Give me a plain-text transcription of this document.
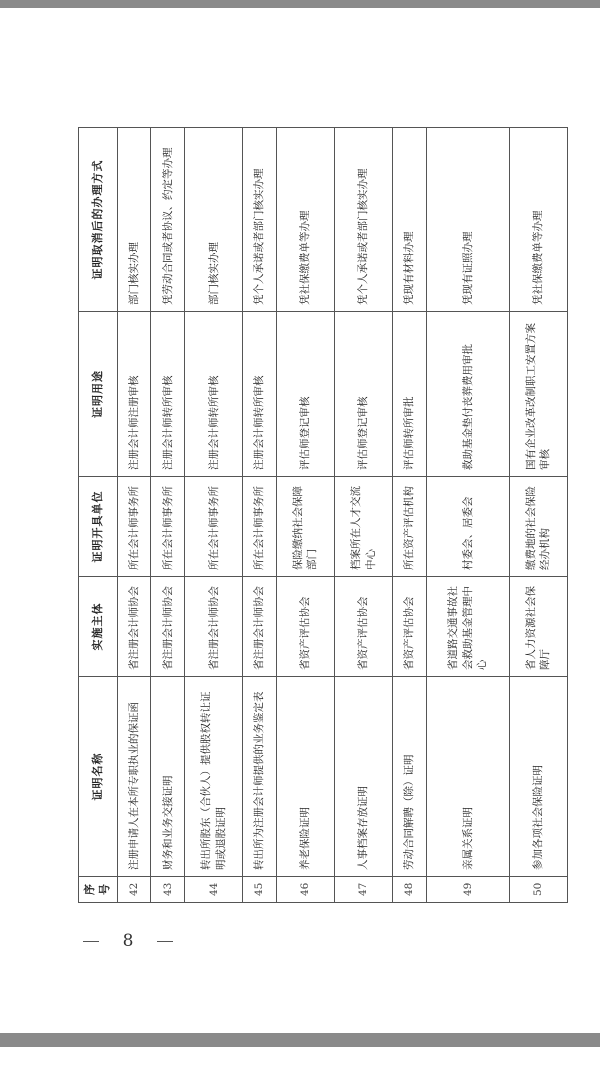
序号	证明名称	实施主体	证明开具单位	证明用途	证明取消后的办理方式
42	注册申请人在本所专职执业的保证函	省注册会计师协会	所在会计师事务所	注册会计师注册审核	部门核实办理
43	财务和业务交接证明	省注册会计师协会	所在会计师事务所	注册会计师转所审核	凭劳动合同或者协议、约定等办理
44	转出所股东（合伙人）提供股权转让证明或退股证明	省注册会计师协会	所在会计师事务所	注册会计师转所审核	部门核实办理
45	转出所为注册会计师提供的业务鉴定表	省注册会计师协会	所在会计师事务所	注册会计师转所审核	凭个人承诺或者部门核实办理
46	养老保险证明	省资产评估协会	保险缴纳社会保障部门	评估师登记审核	凭社保缴费单等办理
47	人事档案存放证明	省资产评估协会	档案所在人才交流中心	评估师登记审核	凭个人承诺或者部门核实办理
48	劳动合同解聘（除）证明	省资产评估协会	所在资产评估机构	评估师转所审批	凭现有材料办理
49	亲属关系证明	省道路交通事故社会救助基金管理中心	村委会、居委会	救助基金垫付丧葬费用审批	凭现有证照办理
50	参加各项社会保险证明	省人力资源社会保障厅	缴费地的社会保险经办机构	国有企业改革改制职工安置方案审核	凭社保缴费单等办理
8
